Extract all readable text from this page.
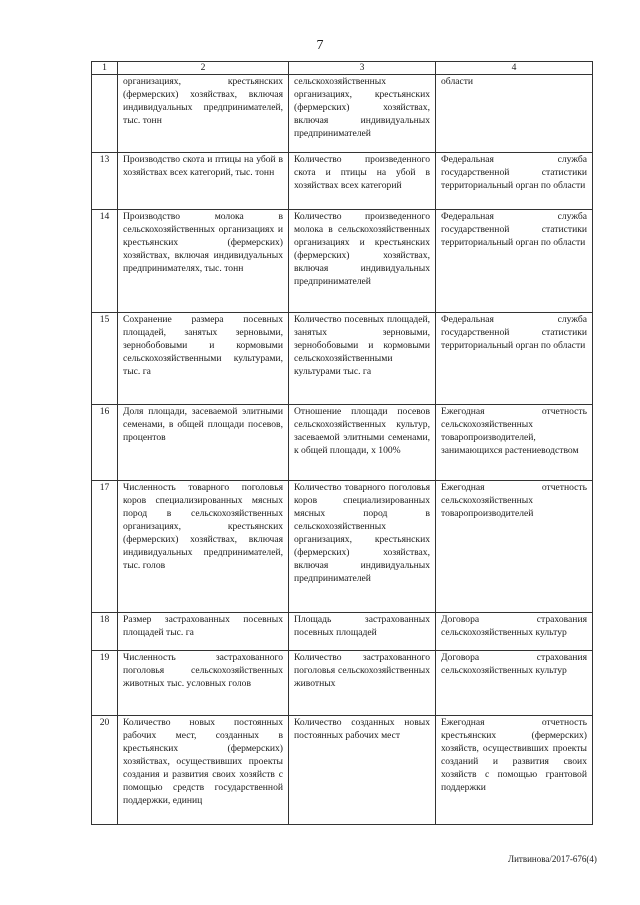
7
1	2	3	4
	организациях, крестьянских (фермерских) хозяйствах, включая индивидуальных предпринимателей, тыс. тонн	сельскохозяйственных организациях, крестьянских (фермерских) хозяйствах, включая индивидуальных предпринимателей	области
13	Производство скота и птицы на убой в хозяйствах всех категорий, тыс. тонн	Количество произведенного скота и птицы на убой в хозяйствах всех категорий	Федеральная служба государственной статистики территориальный орган по области
14	Производство молока в сельскохозяйственных организациях и крестьянских (фермерских) хозяйствах, включая индивидуальных предпринимателях, тыс. тонн	Количество произведенного молока в сельскохозяйственных организациях и крестьянских (фермерских) хозяйствах, включая индивидуальных предпринимателей	Федеральная служба государственной статистики территориальный орган по области
15	Сохранение размера посевных площадей, занятых зерновыми, зернобобовыми и кормовыми сельскохозяйственными культурами, тыс. га	Количество посевных площадей, занятых зерновыми, зернобобовыми и кормовыми сельскохозяйственными культурами тыс. га	Федеральная служба государственной статистики территориальный орган по области
16	Доля площади, засеваемой элитными семенами, в общей площади посевов, процентов	Отношение площади посевов сельскохозяйственных культур, засеваемой элитными семенами, к общей площади, х 100%	Ежегодная отчетность сельскохозяйственных товаропроизводителей, занимающихся растениеводством
17	Численность товарного поголовья коров специализированных мясных пород в сельскохозяйственных организациях, крестьянских (фермерских) хозяйствах, включая индивидуальных предпринимателей, тыс. голов	Количество товарного поголовья коров специализированных мясных пород в сельскохозяйственных организациях, крестьянских (фермерских) хозяйствах, включая индивидуальных предпринимателей	Ежегодная отчетность сельскохозяйственных товаропроизводителей
18	Размер застрахованных посевных площадей тыс. га	Площадь застрахованных посевных площадей	Договора страхования сельскохозяйственных культур
19	Численность застрахованного поголовья сельскохозяйственных животных тыс. условных голов	Количество застрахованного поголовья сельскохозяйственных животных	Договора страхования сельскохозяйственных культур
20	Количество новых постоянных рабочих мест, созданных в крестьянских (фермерских) хозяйствах, осуществивших проекты создания и развития своих хозяйств с помощью средств государственной поддержки, единиц	Количество созданных новых постоянных рабочих мест	Ежегодная отчетность крестьянских (фермерских) хозяйств, осуществивших проекты созданий и развития своих хозяйств с помощью грантовой поддержки
Литвинова/2017-676(4)
